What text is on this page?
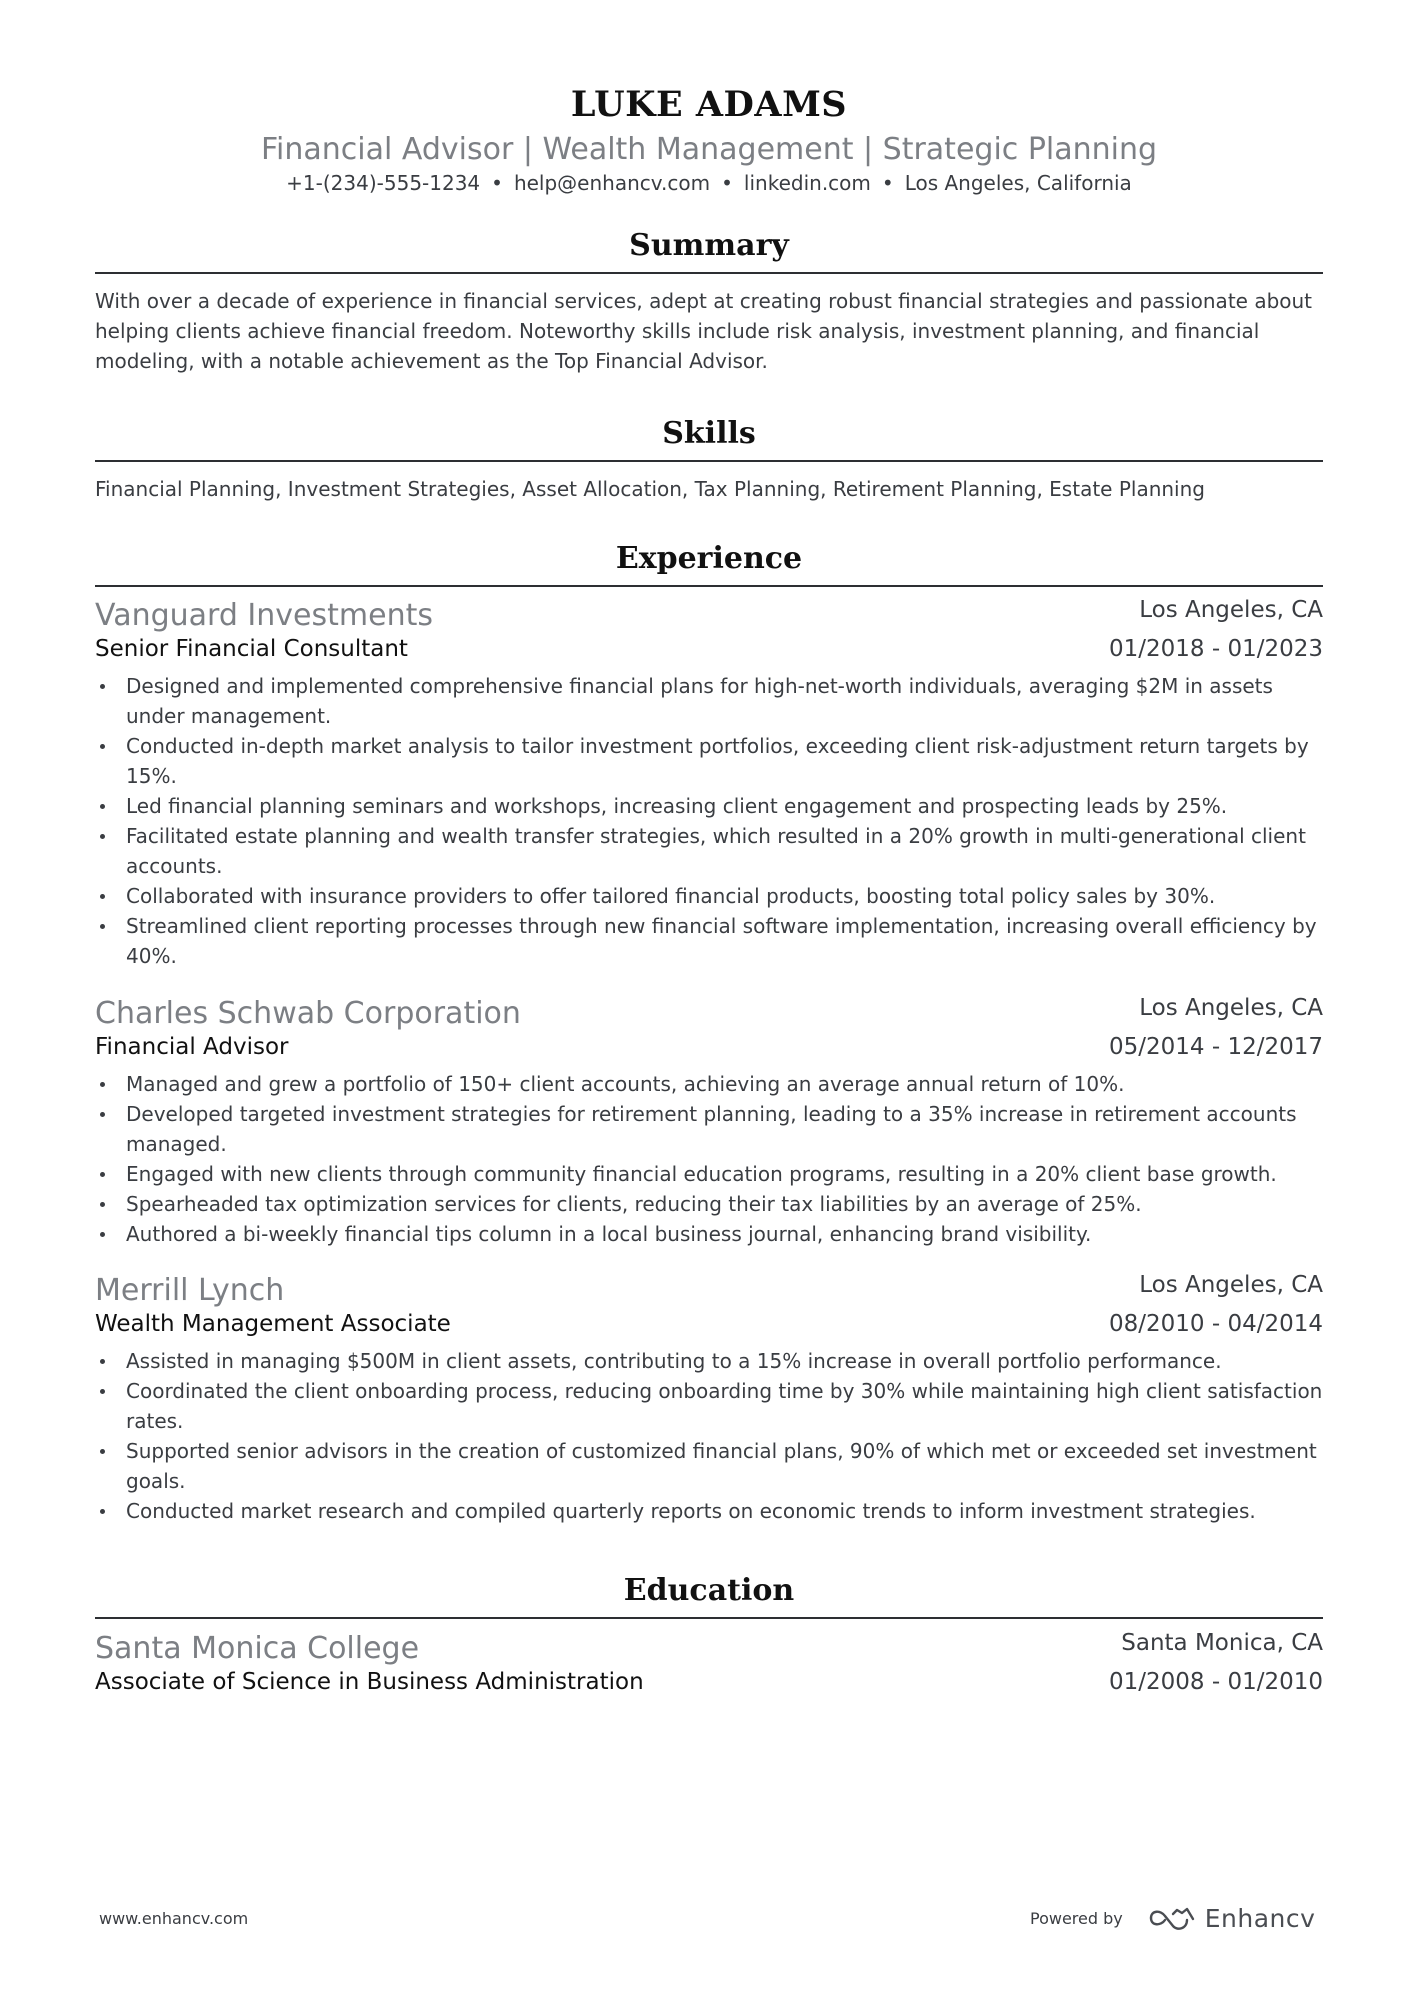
LUKE ADAMS
Financial Advisor | Wealth Management | Strategic Planning
+1-(234)-555-1234 • help@enhancv.com • linkedin.com • Los Angeles, California
Summary
With over a decade of experience in financial services, adept at creating robust financial strategies and passionate about
helping clients achieve financial freedom. Noteworthy skills include risk analysis, investment planning, and financial
modeling, with a notable achievement as the Top Financial Advisor.
Skills
Financial Planning, Investment Strategies, Asset Allocation, Tax Planning, Retirement Planning, Estate Planning
Experience
Vanguard Investments	Los Angeles, CA
Senior Financial Consultant	01/2018 - 01/2023
Designed and implemented comprehensive financial plans for high-net-worth individuals, averaging $2M in assets
under management.
Conducted in-depth market analysis to tailor investment portfolios, exceeding client risk-adjustment return targets by
15%.
Led financial planning seminars and workshops, increasing client engagement and prospecting leads by 25%.
Facilitated estate planning and wealth transfer strategies, which resulted in a 20% growth in multi-generational client
accounts.
Collaborated with insurance providers to offer tailored financial products, boosting total policy sales by 30%.
Streamlined client reporting processes through new financial software implementation, increasing overall efficiency by
40%.
Charles Schwab Corporation	Los Angeles, CA
Financial Advisor	05/2014 - 12/2017
Managed and grew a portfolio of 150+ client accounts, achieving an average annual return of 10%.
Developed targeted investment strategies for retirement planning, leading to a 35% increase in retirement accounts
managed.
Engaged with new clients through community financial education programs, resulting in a 20% client base growth.
Spearheaded tax optimization services for clients, reducing their tax liabilities by an average of 25%.
Authored a bi-weekly financial tips column in a local business journal, enhancing brand visibility.
Merrill Lynch	Los Angeles, CA
Wealth Management Associate	08/2010 - 04/2014
Assisted in managing $500M in client assets, contributing to a 15% increase in overall portfolio performance.
Coordinated the client onboarding process, reducing onboarding time by 30% while maintaining high client satisfaction
rates.
Supported senior advisors in the creation of customized financial plans, 90% of which met or exceeded set investment
goals.
Conducted market research and compiled quarterly reports on economic trends to inform investment strategies.
Education
Santa Monica College	Santa Monica, CA
Associate of Science in Business Administration	01/2008 - 01/2010
www.enhancv.com	Powered by	Enhancv
